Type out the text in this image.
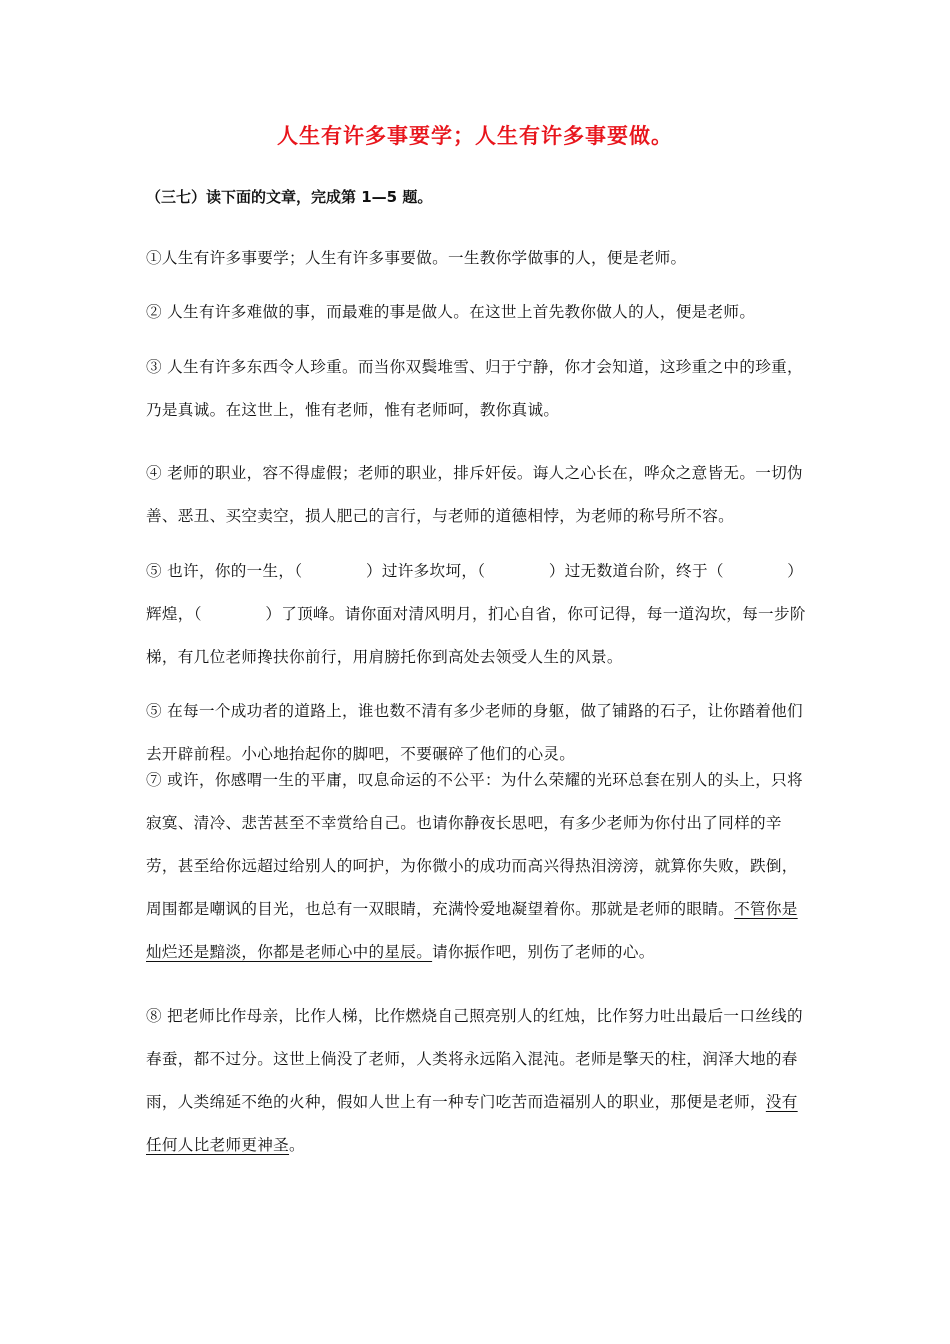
人生有许多事要学；人生有许多事要做。

（三七）读下面的文章，完成第 1—5 题。

①人生有许多事要学；人生有许多事要做。一生教你学做事的人，便是老师。

② 人生有许多难做的事，而最难的事是做人。在这世上首先教你做人的人，便是老师。

③ 人生有许多东西令人珍重。而当你双鬓堆雪、归于宁静，你才会知道，这珍重之中的珍重，乃是真诚。在这世上，惟有老师，惟有老师呵，教你真诚。

④ 老师的职业，容不得虚假；老师的职业，排斥奸佞。诲人之心长在，哗众之意皆无。一切伪善、恶丑、买空卖空，损人肥己的言行，与老师的道德相悖，为老师的称号所不容。

⑤ 也许，你的一生，（　　　　）过许多坎坷，（　　　　）过无数道台阶，终于（　　　　）辉煌，（　　　　）了顶峰。请你面对清风明月，扪心自省，你可记得，每一道沟坎，每一步阶梯，有几位老师搀扶你前行，用肩膀托你到高处去领受人生的风景。

⑤ 在每一个成功者的道路上，谁也数不清有多少老师的身躯，做了铺路的石子，让你踏着他们去开辟前程。小心地抬起你的脚吧，不要碾碎了他们的心灵。

⑦ 或许，你感喟一生的平庸，叹息命运的不公平：为什么荣耀的光环总套在别人的头上，只将寂寞、清冷、悲苦甚至不幸赏给自己。也请你静夜长思吧，有多少老师为你付出了同样的辛劳，甚至给你远超过给别人的呵护，为你微小的成功而高兴得热泪滂滂，就算你失败，跌倒，周围都是嘲讽的目光，也总有一双眼睛，充满怜爱地凝望着你。那就是老师的眼睛。不管你是灿烂还是黯淡，你都是老师心中的星辰。请你振作吧，别伤了老师的心。

⑧ 把老师比作母亲，比作人梯，比作燃烧自己照亮别人的红烛，比作努力吐出最后一口丝线的春蚕，都不过分。这世上倘没了老师，人类将永远陷入混沌。老师是擎天的柱，润泽大地的春雨，人类绵延不绝的火种，假如人世上有一种专门吃苦而造福别人的职业，那便是老师，没有任何人比老师更神圣。
